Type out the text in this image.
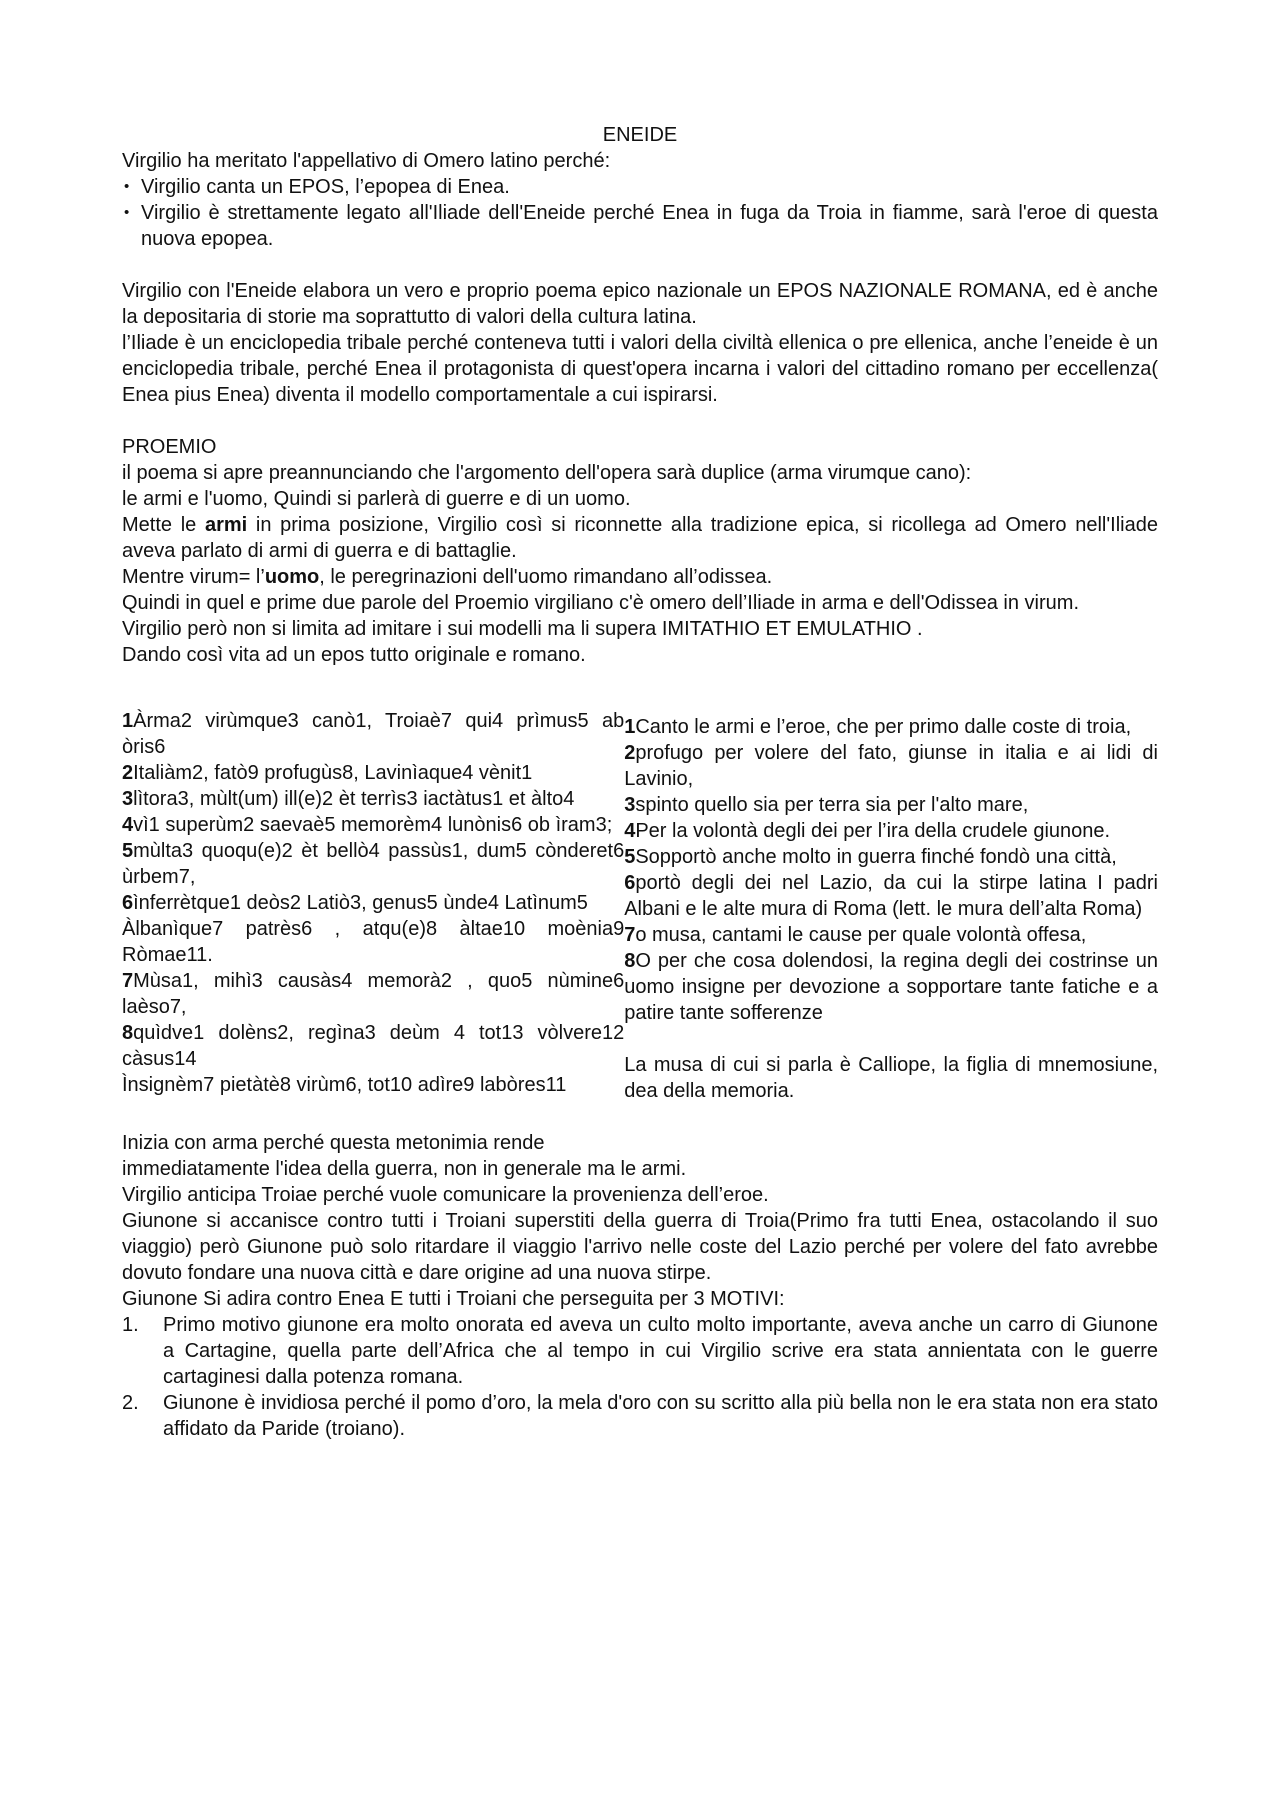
ENEIDE

Virgilio ha meritato l'appellativo di Omero latino perché:

• Virgilio canta un EPOS, l’epopea di Enea.
• Virgilio è strettamente legato all'Iliade dell'Eneide perché Enea in fuga da Troia in fiamme, sarà l'eroe di questa nuova epopea.

Virgilio con l'Eneide elabora un vero e proprio poema epico nazionale un EPOS NAZIONALE ROMANA, ed è anche la depositaria di storie ma soprattutto di valori della cultura latina.

l’Iliade è un enciclopedia tribale perché conteneva tutti i valori della civiltà ellenica o pre ellenica, anche l’eneide è un enciclopedia tribale, perché Enea il protagonista di quest'opera incarna i valori del cittadino romano per eccellenza( Enea pius Enea) diventa il modello comportamentale a cui ispirarsi.

PROEMIO

il poema si apre preannunciando che l'argomento dell'opera sarà duplice (arma virumque cano):

le armi e l'uomo, Quindi si parlerà di guerre e di un uomo.

Mette le armi in prima posizione, Virgilio così si riconnette alla tradizione epica, si ricollega ad Omero nell'Iliade aveva parlato di armi di guerra e di battaglie.

Mentre virum= l’uomo, le peregrinazioni dell'uomo rimandano all’odissea.

Quindi in quel e prime due parole del Proemio virgiliano c'è omero dell’Iliade in arma e dell'Odissea in virum.

Virgilio però non si limita ad imitare i sui modelli ma li supera IMITATHIO ET EMULATHIO .

Dando così vita ad un epos tutto originale e romano.

1Àrma2 virùmque3 canò1, Troiaè7 qui4 prìmus5 ab òris6

2Italiàm2, fatò9 profugùs8, Lavinìaque4 vènit1

3lìtora3, mùlt(um) ill(e)2 èt terrìs3 iactàtus1 et àlto4

4vì1 superùm2 saevaè5 memorèm4 lunònis6 ob ìram3;

5mùlta3 quoqu(e)2 èt bellò4 passùs1, dum5 cònderet6 ùrbem7,

6ìnferrètque1 deòs2 Latiò3, genus5 ùnde4 Latìnum5

Àlbanìque7 patrès6 , atqu(e)8 àltae10 moènia9 Ròmae11.

7Mùsa1, mihì3 causàs4 memorà2 , quo5 nùmine6 laèso7,

8quìdve1 dolèns2, regìna3 deùm 4 tot13 vòlvere12 càsus14

Ìnsignèm7 pietàtè8 virùm6, tot10 adìre9 labòres11

1Canto le armi e l’eroe, che per primo dalle coste di troia,

2profugo per volere del fato, giunse in italia e ai lidi di Lavinio,

3spinto quello sia per terra sia per l'alto mare,

4Per la volontà degli dei per l’ira della crudele giunone.

5Sopportò anche molto in guerra finché fondò una città,

6portò degli dei nel Lazio, da cui la stirpe latina I padri Albani e le alte mura di Roma (lett. le mura dell’alta Roma)

7o musa, cantami le cause per quale volontà offesa,

8O per che cosa dolendosi, la regina degli dei costrinse un uomo insigne per devozione a sopportare tante fatiche e a patire tante sofferenze

La musa di cui si parla è Calliope, la figlia di mnemosiune, dea della memoria.

Inizia con arma perché questa metonimia rende

immediatamente l'idea della guerra, non in generale ma le armi.

Virgilio anticipa Troiae perché vuole comunicare la provenienza dell’eroe.

Giunone si accanisce contro tutti i Troiani superstiti della guerra di Troia(Primo fra tutti Enea, ostacolando il suo viaggio) però Giunone può solo ritardare il viaggio l'arrivo nelle coste del Lazio perché per volere del fato avrebbe dovuto fondare una nuova città e dare origine ad una nuova stirpe.

Giunone Si adira contro Enea E tutti i Troiani che perseguita per 3 MOTIVI:

1. Primo motivo giunone era molto onorata ed aveva un culto molto importante, aveva anche un carro di Giunone a Cartagine, quella parte dell’Africa che al tempo in cui Virgilio scrive era stata annientata con le guerre cartaginesi dalla potenza romana.
2. Giunone è invidiosa perché il pomo d’oro, la mela d'oro con su scritto alla più bella non le era stata non era stato affidato da Paride (troiano).
